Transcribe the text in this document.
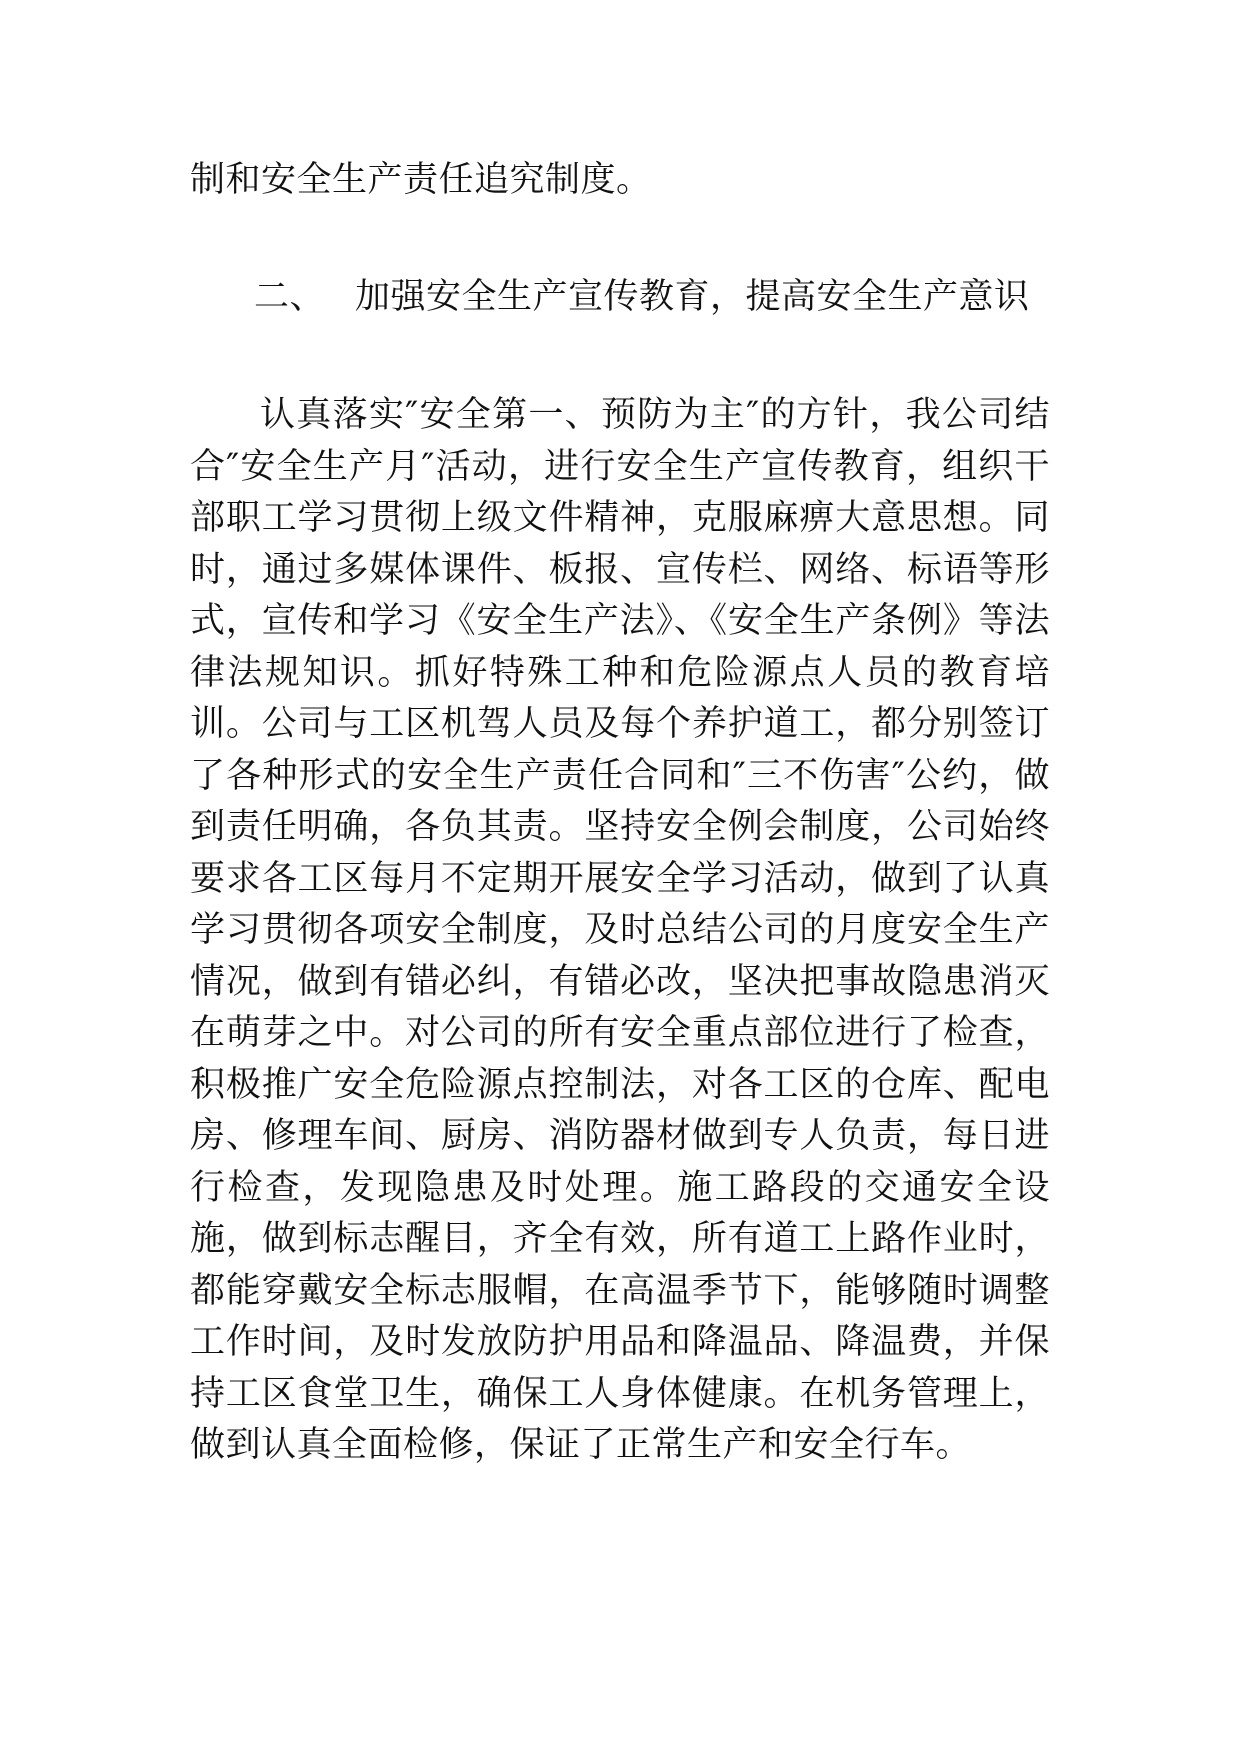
制和安全生产责任追究制度。

二、 加强安全生产宣传教育，提高安全生产意识

认真落实″安全第一、预防为主″的方针，我公司结合″安全生产月″活动，进行安全生产宣传教育，组织干部职工学习贯彻上级文件精神，克服麻痹大意思想。同时，通过多媒体课件、板报、宣传栏、网络、标语等形式，宣传和学习《安全生产法》、《安全生产条例》等法律法规知识。抓好特殊工种和危险源点人员的教育培训。公司与工区机驾人员及每个养护道工，都分别签订了各种形式的安全生产责任合同和″三不伤害″公约，做到责任明确，各负其责。坚持安全例会制度，公司始终要求各工区每月不定期开展安全学习活动，做到了认真学习贯彻各项安全制度，及时总结公司的月度安全生产情况，做到有错必纠，有错必改，坚决把事故隐患消灭在萌芽之中。对公司的所有安全重点部位进行了检查，积极推广安全危险源点控制法，对各工区的仓库、配电房、修理车间、厨房、消防器材做到专人负责，每日进行检查，发现隐患及时处理。施工路段的交通安全设施，做到标志醒目，齐全有效，所有道工上路作业时，都能穿戴安全标志服帽，在高温季节下，能够随时调整工作时间，及时发放防护用品和降温品、降温费，并保持工区食堂卫生，确保工人身体健康。在机务管理上，做到认真全面检修，保证了正常生产和安全行车。
